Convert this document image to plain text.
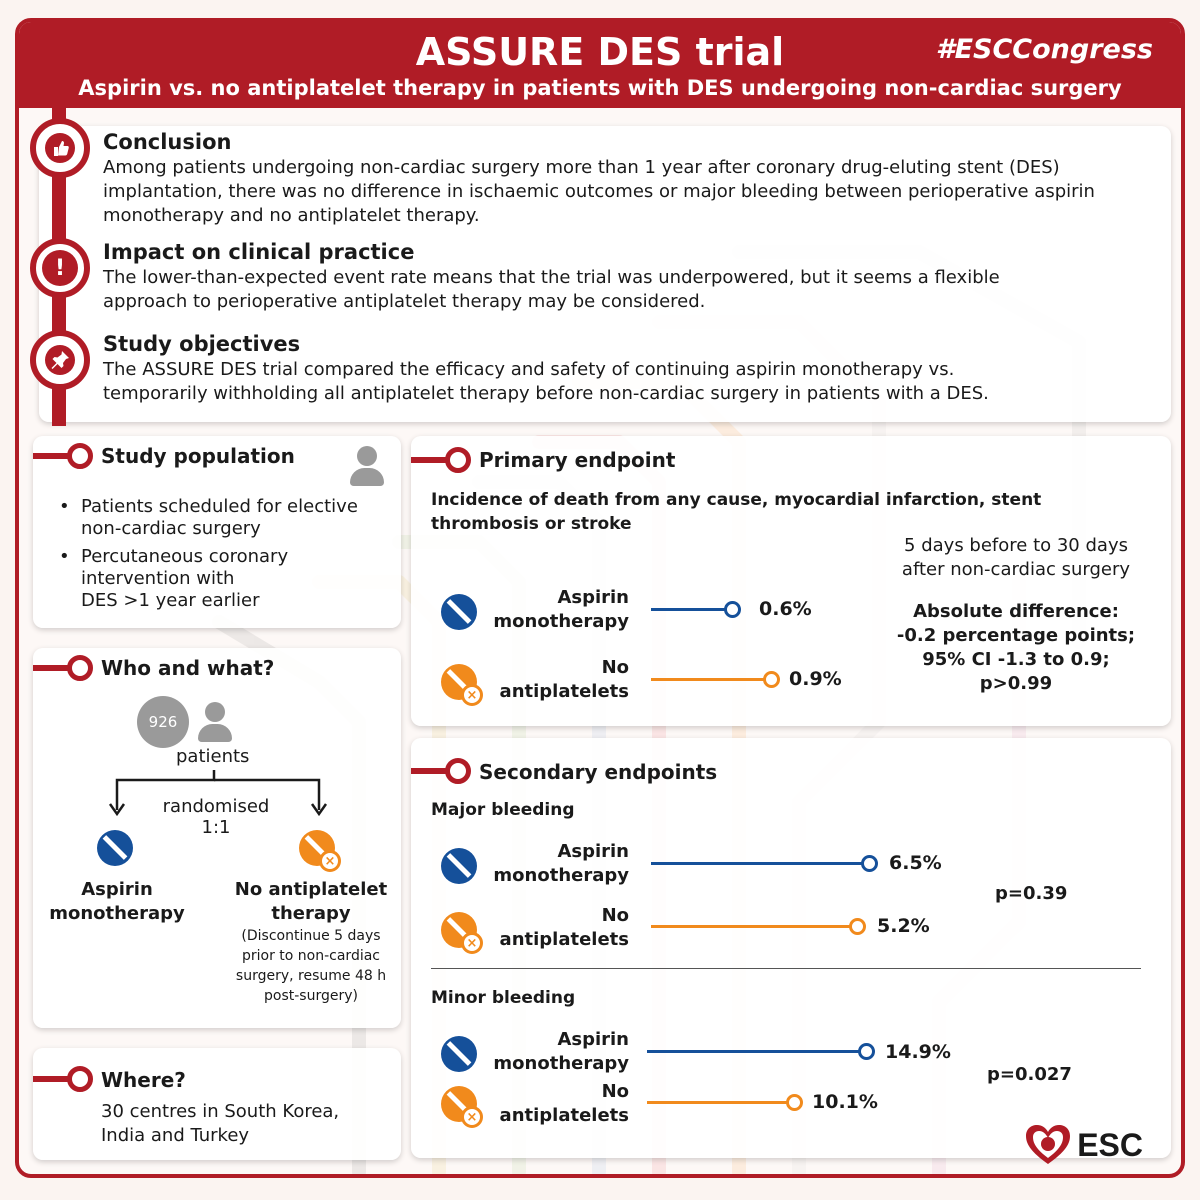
ASSURE DES trial	#ESCCongress
Aspirin vs. no antiplatelet therapy in patients with DES undergoing non-cardiac surgery
Conclusion
Among patients undergoing non-cardiac surgery more than 1 year after coronary drug-eluting stent (DES)
implantation, there was no difference in ischaemic outcomes or major bleeding between perioperative aspirin
monotherapy and no antiplatelet therapy.
!
Impact on clinical practice
The lower-than-expected event rate means that the trial was underpowered, but it seems a flexible
approach to perioperative antiplatelet therapy may be considered.
Study objectives
The ASSURE DES trial compared the efficacy and safety of continuing aspirin monotherapy vs.
temporarily withholding all antiplatelet therapy before non-cardiac surgery in patients with a DES.
Study population
• Patients scheduled for elective
non-cardiac surgery
• Percutaneous coronary
intervention with
DES >1 year earlier
Who and what?
926
patients
randomised
1:1
×
Aspirin
monotherapy
No antiplatelet
therapy
(Discontinue 5 days
prior to non-cardiac
surgery, resume 48 h
post-surgery)
Where?
30 centres in South Korea,
India and Turkey
Primary endpoint
Incidence of death from any cause, myocardial infarction, stent
thrombosis or stroke
5 days before to 30 days
after non-cardiac surgery
Absolute difference:
-0.2 percentage points;
95% CI -1.3 to 0.9;
p>0.99
Aspirin
monotherapy
×
No
antiplatelets
0.6%
0.9%
Secondary endpoints
Major bleeding
Aspirin
monotherapy
×
No
antiplatelets
6.5%
5.2%
p=0.39
Minor bleeding
Aspirin
monotherapy
×
No
antiplatelets
14.9%
10.1%
p=0.027
ESC
